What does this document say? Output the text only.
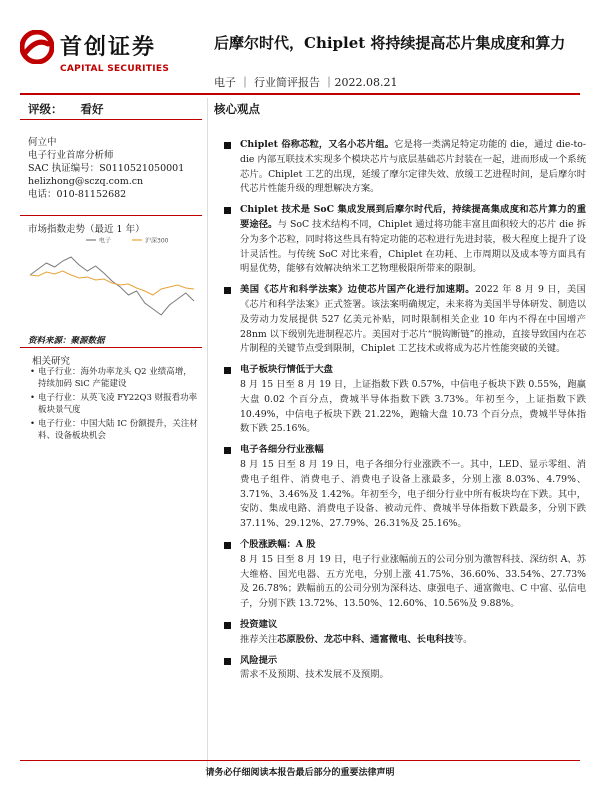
首创证券
CAPITAL SECURITIES
后摩尔时代，Chiplet 将持续提高芯片集成度和算力
电子 ｜ 行业简评报告 ｜2022.08.21
评级： 看好
何立中
电子行业首席分析师
SAC 执证编号：S0110521050001
helizhong@sczq.com.cn
电话：010-81152682
市场指数走势（最近 1 年）
电子	沪深300
资料来源：聚源数据
相关研究
• 电子行业：海外功率龙头 Q2 业绩高增，持续加码 SiC 产能建设
• 电子行业：从英飞凌 FY22Q3 财报看功率板块景气度
• 电子行业：中国大陆 IC 份额提升，关注材料、设备板块机会
核心观点
Chiplet 俗称芯粒，又名小芯片组。它是将一类满足特定功能的 die，通过 die-to-die 内部互联技术实现多个模块芯片与底层基础芯片封装在一起，进而形成一个系统芯片。Chiplet 工艺的出现，延缓了摩尔定律失效、放缓工艺进程时间，是后摩尔时代芯片性能升级的理想解决方案。
Chiplet 技术是 SoC 集成发展到后摩尔时代后，持续提高集成度和芯片算力的重要途径。与 SoC 技术结构不同，Chiplet 通过将功能丰富且面积较大的芯片 die 拆分为多个芯粒，同时将这些具有特定功能的芯粒进行先进封装，极大程度上提升了设计灵活性。与传统 SoC 对比来看，Chiplet 在功耗、上市周期以及成本等方面具有明显优势，能够有效解决纳米工艺物理极限所带来的限制。
美国《芯片和科学法案》边使芯片国产化进行加速期。2022 年 8 月 9 日，美国《芯片和科学法案》正式签署。该法案明确规定，未来将为美国半导体研发、制造以及劳动力发展提供 527 亿美元补贴，同时限制相关企业 10 年内不得在中国增产 28nm 以下级别先进制程芯片。美国对于芯片“脱钩断链”的推动，直接导致国内在芯片制程的关键节点受到限制，Chiplet 工艺技术或将成为芯片性能突破的关键。
电子板块行情低于大盘
8 月 15 日至 8 月 19 日，上证指数下跌 0.57%，中信电子板块下跌 0.55%，跑赢大盘 0.02 个百分点，费城半导体指数下跌 3.73%。年初至今，上证指数下跌 10.49%，中信电子板块下跌 21.22%，跑输大盘 10.73 个百分点，费城半导体指数下跌 25.16%。
电子各细分行业涨幅
8 月 15 日至 8 月 19 日，电子各细分行业涨跌不一。其中，LED、显示零组、消费电子组件、消费电子、消费电子设备上涨最多，分别上涨 8.03%、4.79%、3.71%、3.46%及 1.42%。年初至今，电子细分行业中所有板块均在下跌。其中，安防、集成电路、消费电子设备、被动元件、费城半导体指数下跌最多，分别下跌 37.11%、29.12%、27.79%、26.31%及 25.16%。
个股涨跌幅：A 股
8 月 15 日至 8 月 19 日，电子行业涨幅前五的公司分别为激智科技、深纺织 A、苏大维格、国光电器、五方光电，分别上涨 41.75%、36.60%、33.54%、27.73%及 26.78%；跌幅前五的公司分别为深科达、康强电子、通富微电、C 中富、弘信电子，分别下跌 13.72%、13.50%、12.60%、10.56%及 9.88%。
投资建议
推荐关注芯原股份、龙芯中科、通富微电、长电科技等。
风险提示
需求不及预期、技术发展不及预期。
请务必仔细阅读本报告最后部分的重要法律声明
